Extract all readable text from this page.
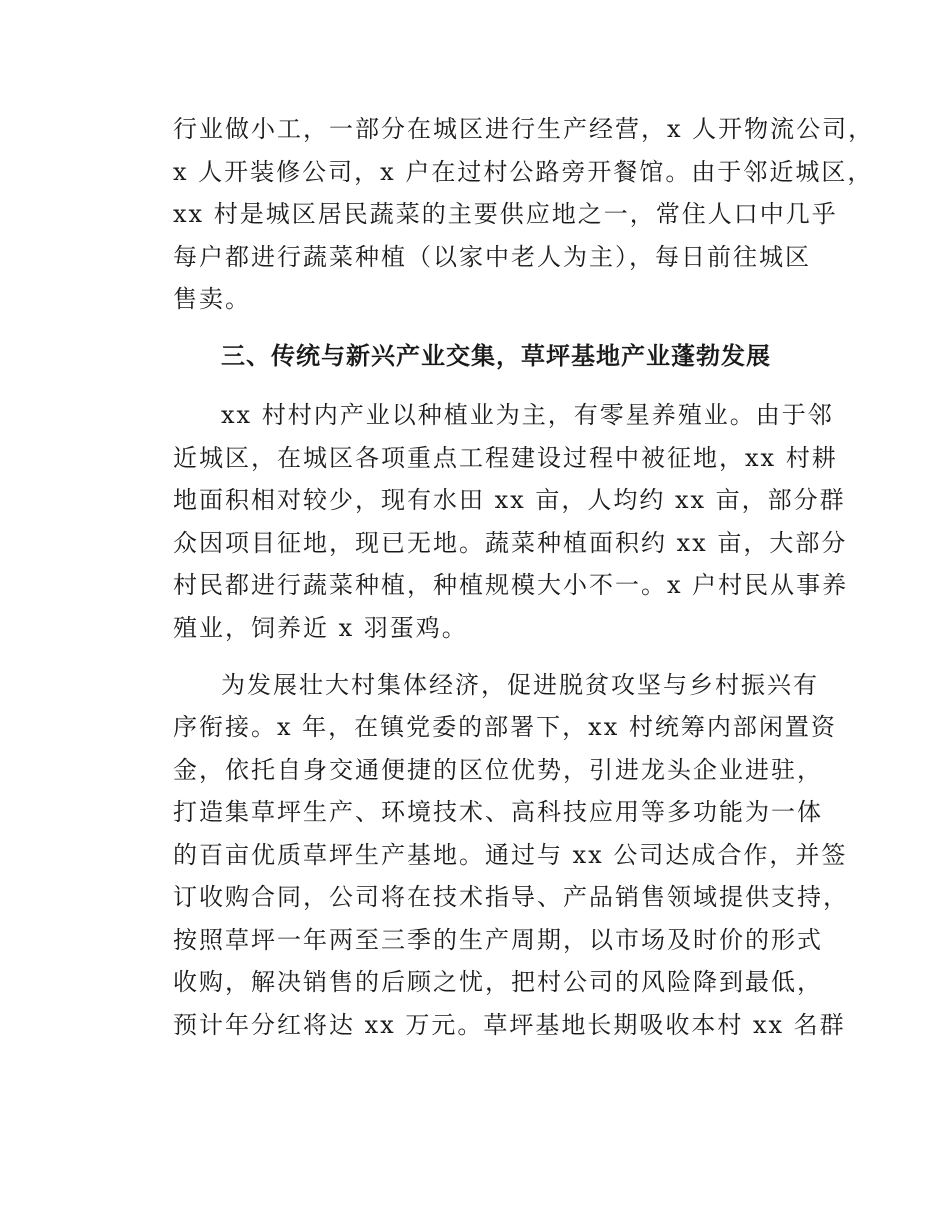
行业做小工，一部分在城区进行生产经营，x 人开物流公司，
x 人开装修公司，x 户在过村公路旁开餐馆。由于邻近城区，
xx 村是城区居民蔬菜的主要供应地之一，常住人口中几乎
每户都进行蔬菜种植（以家中老人为主），每日前往城区
售卖。
三、传统与新兴产业交集，草坪基地产业蓬勃发展
xx 村村内产业以种植业为主，有零星养殖业。由于邻
近城区，在城区各项重点工程建设过程中被征地，xx 村耕
地面积相对较少，现有水田 xx 亩，人均约 xx 亩，部分群
众因项目征地，现已无地。蔬菜种植面积约 xx 亩，大部分
村民都进行蔬菜种植，种植规模大小不一。x 户村民从事养
殖业，饲养近 x 羽蛋鸡。
为发展壮大村集体经济，促进脱贫攻坚与乡村振兴有
序衔接。x 年，在镇党委的部署下，xx 村统筹内部闲置资
金，依托自身交通便捷的区位优势，引进龙头企业进驻，
打造集草坪生产、环境技术、高科技应用等多功能为一体
的百亩优质草坪生产基地。通过与 xx 公司达成合作，并签
订收购合同，公司将在技术指导、产品销售领域提供支持，
按照草坪一年两至三季的生产周期，以市场及时价的形式
收购，解决销售的后顾之忧，把村公司的风险降到最低，
预计年分红将达 xx 万元。草坪基地长期吸收本村 xx 名群
